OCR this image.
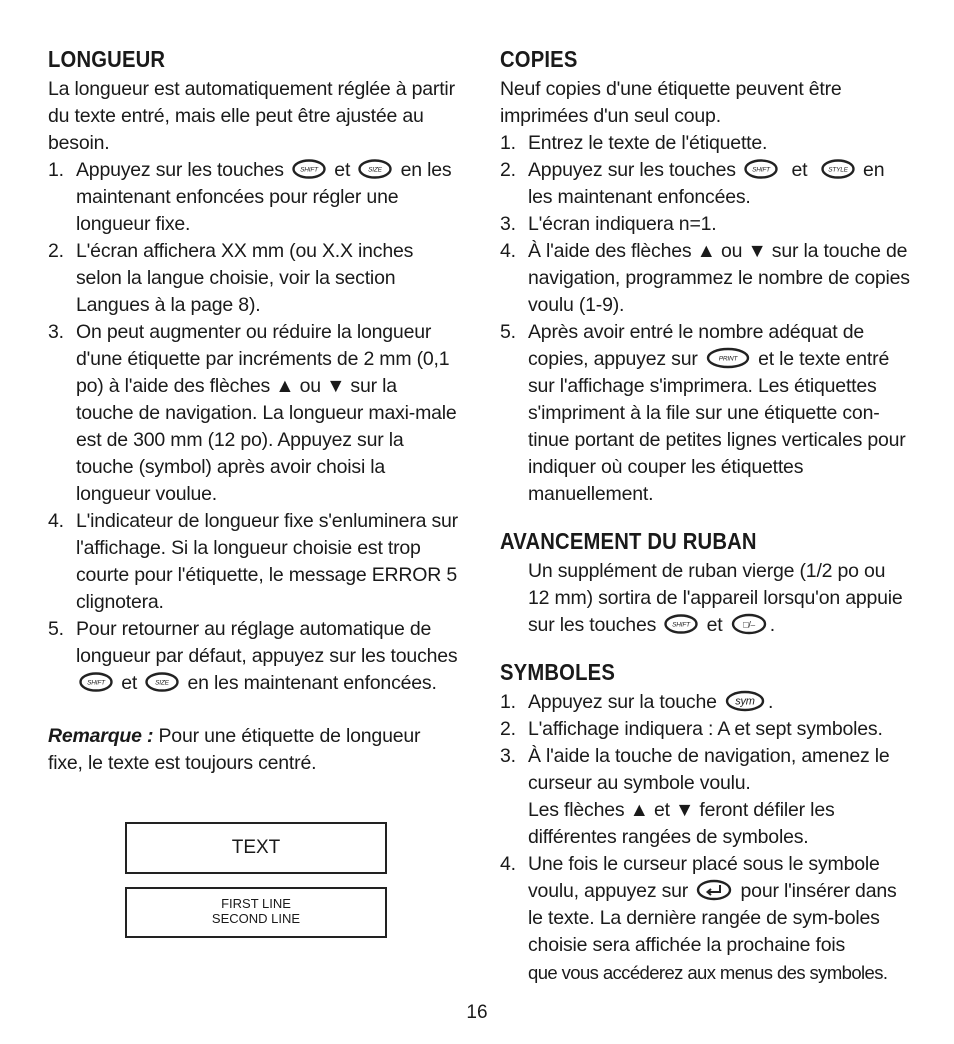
LONGUEUR

La longueur est automatiquement réglée à partir du texte entré, mais elle peut être ajustée au besoin.

1. Appuyez sur les touches	SHIFT et	SIZE en les maintenant enfoncées pour régler une longueur fixe.
2. L'écran affichera XX mm (ou X.X inches selon la langue choisie, voir la section Langues à la page 8).
3. On peut augmenter ou réduire la longueur d'une étiquette par incréments de 2 mm (0,1 po) à l'aide des flèches ▲ ou ▼ sur la touche de navigation. La longueur maxi-male est de 300 mm (12 po). Appuyez sur la touche (symbol) après avoir choisi la longueur voulue.
4. L'indicateur de longueur fixe s'enluminera sur l'affichage. Si la longueur choisie est trop courte pour l'étiquette, le message ERROR 5 clignotera.
5. Pour retourner au réglage automatique de longueur par défaut, appuyez sur les touches
SHIFT et	SIZE en les maintenant enfoncées.

Remarque : Pour une étiquette de longueur fixe, le texte est toujours centré.

TEXT
FIRST LINE
SECOND LINE
COPIES

Neuf copies d'une étiquette peuvent être imprimées d'un seul coup.

1. Entrez le texte de l'étiquette.
2. Appuyez sur les touches	SHIFT et	STYLE en les maintenant enfoncées.
3. L'écran indiquera n=1.
4. À l'aide des flèches ▲ ou ▼ sur la touche de navigation, programmez le nombre de copies voulu (1-9).
5. Après avoir entré le nombre adéquat de copies, appuyez sur	PRINT et le texte entré sur l'affichage s'imprimera. Les étiquettes s'impriment à la file sur une étiquette con-tinue portant de petites lignes verticales pour indiquer où couper les étiquettes manuellement.
AVANCEMENT DU RUBAN

Un supplément de ruban vierge (1/2 po ou 12 mm) sortira de l'appareil lorsqu'on appuie sur les touches	SHIFT et □/⎯ .

SYMBOLES
1. Appuyez sur la touche sym .
2. L'affichage indiquera : A et sept symboles.
3. À l'aide la touche de navigation, amenez le curseur au symbole voulu.
Les flèches ▲ et ▼ feront défiler les différentes rangées de symboles.
4. Une fois le curseur placé sous le symbole voulu, appuyez sur	pour l'insérer dans le texte. La dernière rangée de sym-boles choisie sera affichée la prochaine fois
que vous accéderez aux menus des symboles.
16
